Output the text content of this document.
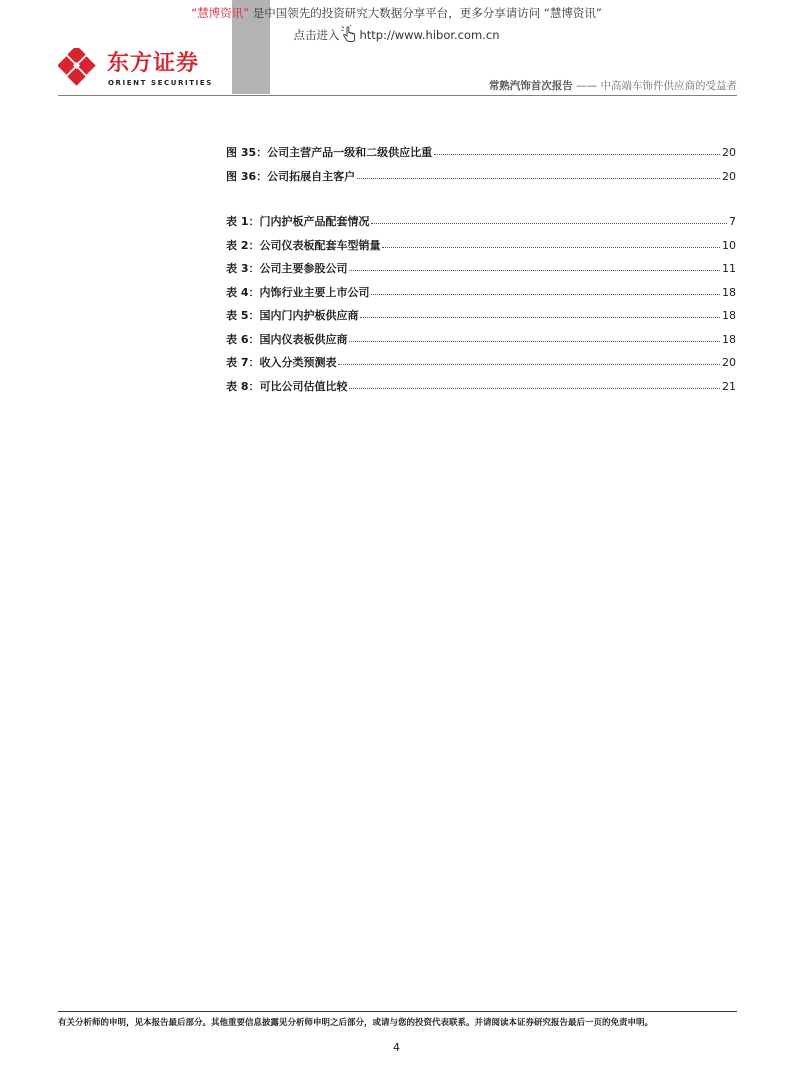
“慧博资讯” 是中国领先的投资研究大数据分享平台，更多分享请访问 “慧博资讯”
点击进入 http://www.hibor.com.cn
东方证券
ORIENT SECURITIES	常熟汽饰首次报告 —— 中高端车饰件供应商的受益者
图 35：公司主营产品一级和二级供应比重	20
图 36：公司拓展自主客户	20
表 1：门内护板产品配套情况	7
表 2：公司仪表板配套车型销量	10
表 3：公司主要参股公司	11
表 4：内饰行业主要上市公司	18
表 5：国内门内护板供应商	18
表 6：国内仪表板供应商	18
表 7：收入分类预测表	20
表 8：可比公司估值比较	21
有关分析师的申明，见本报告最后部分。其他重要信息披露见分析师申明之后部分，或请与您的投资代表联系。并请阅读本证券研究报告最后一页的免责申明。
4
